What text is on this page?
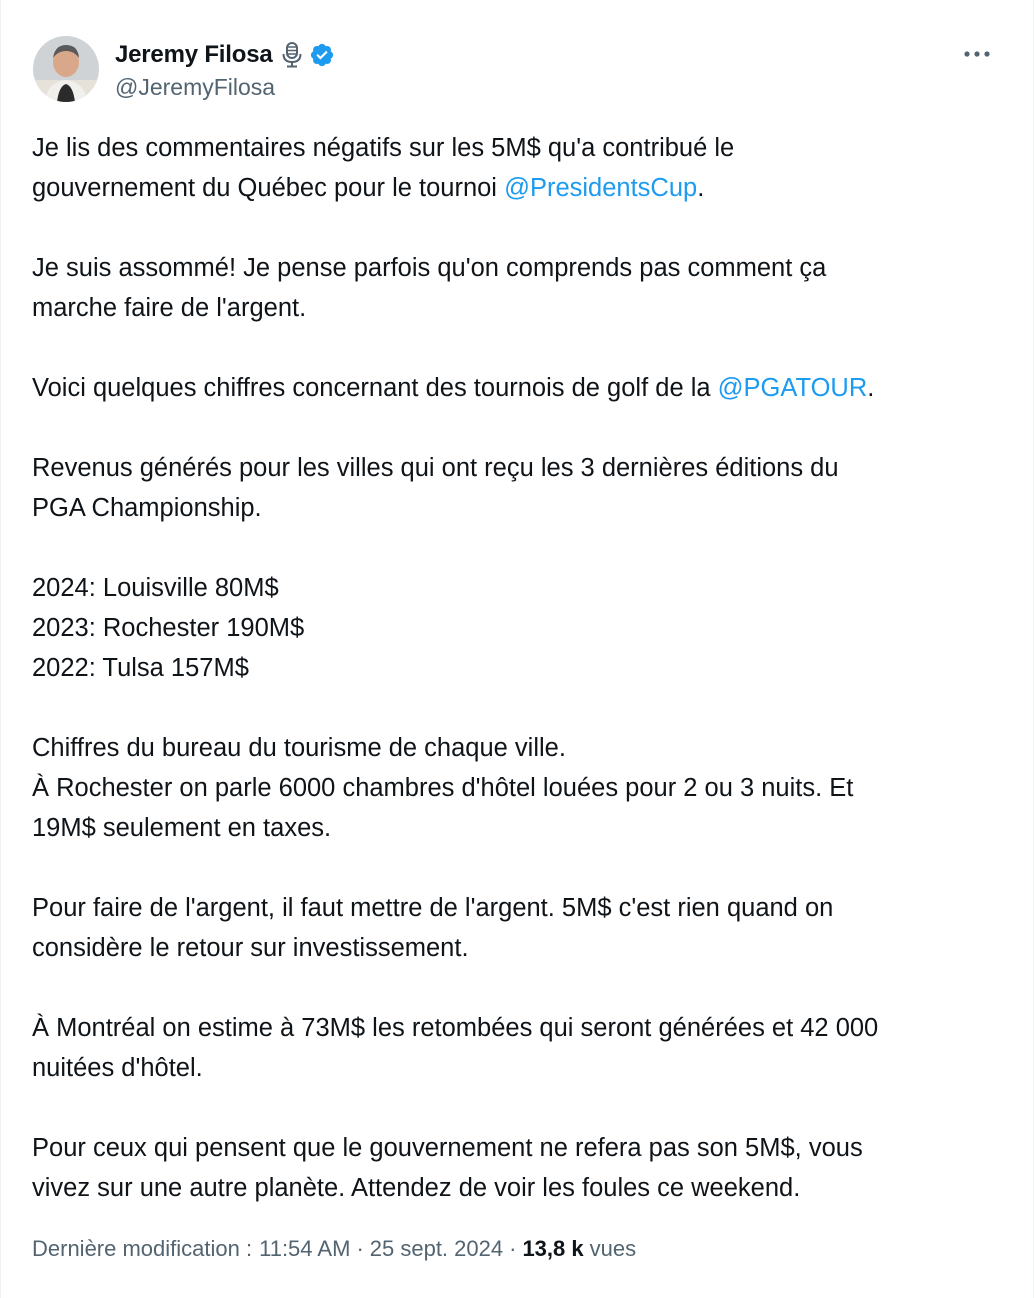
Jeremy Filosa
@JeremyFilosa
Je lis des commentaires négatifs sur les 5M$ qu'a contribué le
gouvernement du Québec pour le tournoi @PresidentsCup.
Je suis assommé! Je pense parfois qu'on comprends pas comment ça
marche faire de l'argent.
Voici quelques chiffres concernant des tournois de golf de la @PGATOUR.
Revenus générés pour les villes qui ont reçu les 3 dernières éditions du
PGA Championship.
2024: Louisville 80M$
2023: Rochester 190M$
2022: Tulsa 157M$
Chiffres du bureau du tourisme de chaque ville.
À Rochester on parle 6000 chambres d'hôtel louées pour 2 ou 3 nuits. Et
19M$ seulement en taxes.
Pour faire de l'argent, il faut mettre de l'argent. 5M$ c'est rien quand on
considère le retour sur investissement.
À Montréal on estime à 73M$ les retombées qui seront générées et 42 000
nuitées d'hôtel.
Pour ceux qui pensent que le gouvernement ne refera pas son 5M$, vous
vivez sur une autre planète. Attendez de voir les foules ce weekend.
Dernière modification : 11:54 AM · 25 sept. 2024 · 13,8 k vues
